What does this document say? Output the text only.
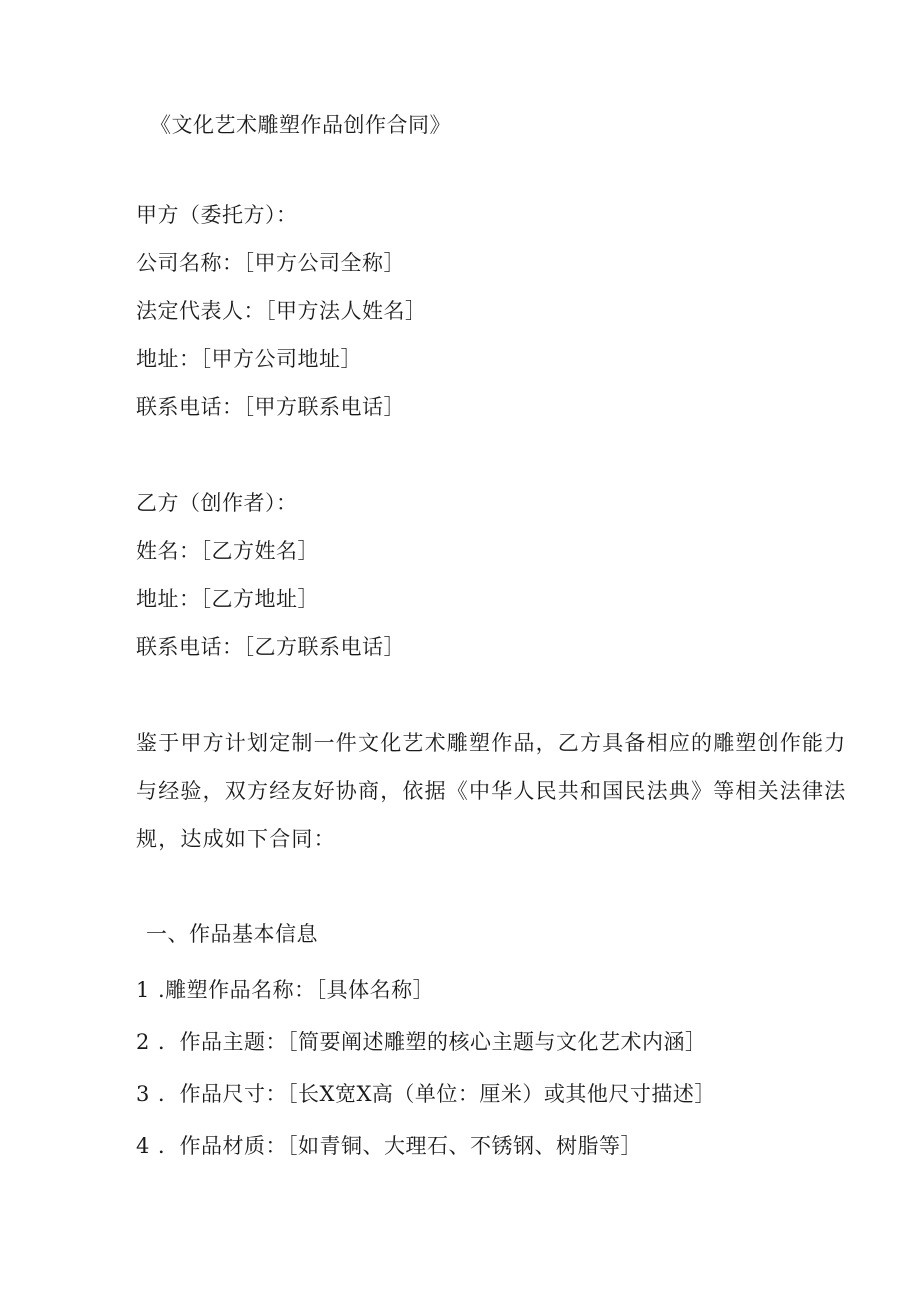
《文化艺术雕塑作品创作合同》
甲方（委托方）：
公司名称：［甲方公司全称］
法定代表人：［甲方法人姓名］
地址：［甲方公司地址］
联系电话：［甲方联系电话］
乙方（创作者）：
姓名：［乙方姓名］
地址：［乙方地址］
联系电话：［乙方联系电话］
鉴于甲方计划定制一件文化艺术雕塑作品，乙方具备相应的雕塑创作能力
与经验，双方经友好协商，依据《中华人民共和国民法典》等相关法律法
规，达成如下合同：
一、作品基本信息
1 .雕塑作品名称：［具体名称］
2 ．作品主题：［简要阐述雕塑的核心主题与文化艺术内涵］
3 ．作品尺寸：［长X宽X高（单位：厘米）或其他尺寸描述］
4 ．作品材质：［如青铜、大理石、不锈钢、树脂等］
